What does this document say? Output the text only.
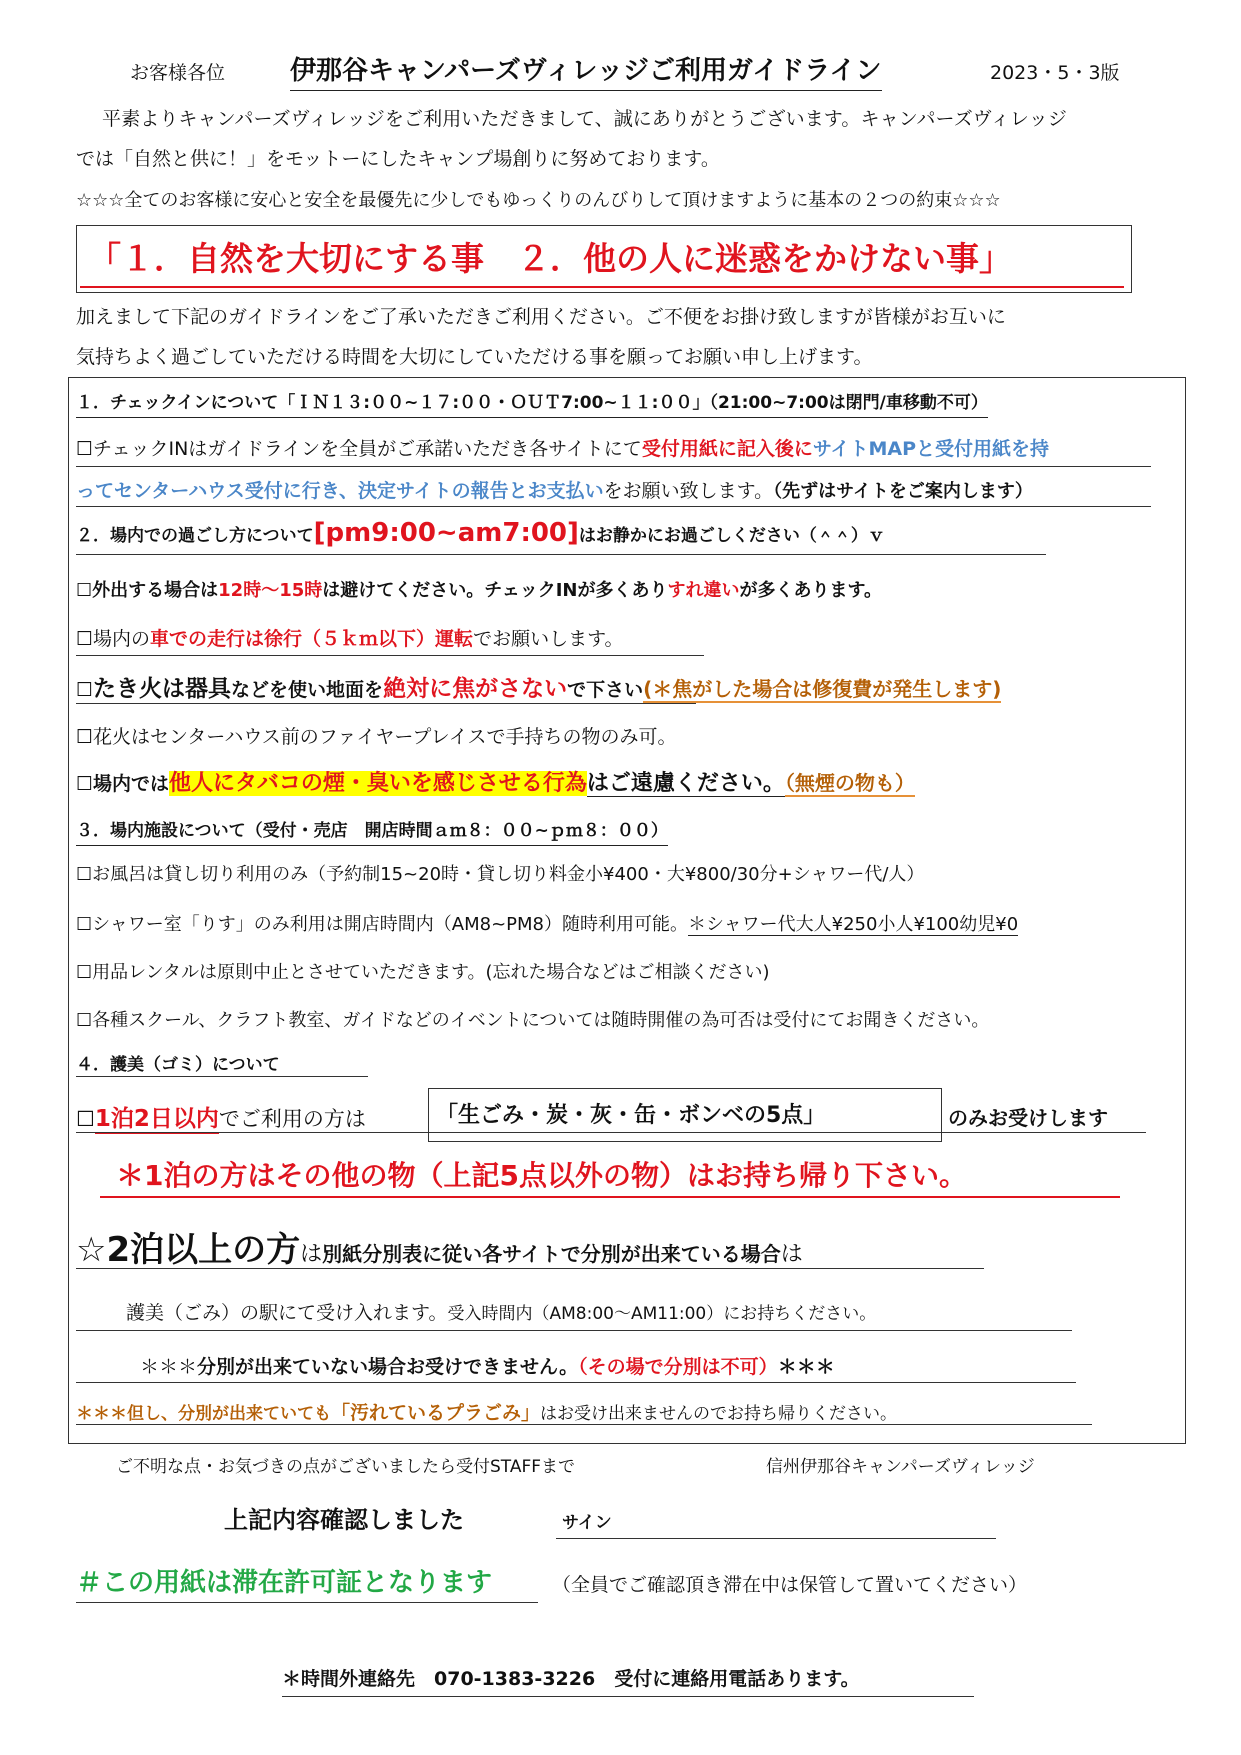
お客様各位 伊那谷キャンパーズヴィレッジご利用ガイドライン	2023・5・3版
平素よりキャンパーズヴィレッジをご利用いただきまして、誠にありがとうございます。キャンパーズヴィレッジ
では「自然と供に！」をモットーにしたキャンプ場創りに努めております。
☆☆☆全てのお客様に安心と安全を最優先に少しでもゆっくりのんびりして頂けますように基本の２つの約束☆☆☆
「１．自然を大切にする事　２．他の人に迷惑をかけない事」
加えまして下記のガイドラインをご了承いただきご利用ください。ご不便をお掛け致しますが皆様がお互いに
気持ちよく過ごしていただける時間を大切にしていただける事を願ってお願い申し上げます。
１．チェックインについて「ＩＮ１３:００~１７:００・ＯＵＴ7:00~１１:００」（21:00~7:00は閉門/車移動不可）
☐チェックINはガイドラインを全員がご承諾いただき各サイトにて受付用紙に記入後にサイトMAPと受付用紙を持
ってセンターハウス受付に行き、決定サイトの報告とお支払いをお願い致します。（先ずはサイトをご案内します）
２．場内での過ごし方について[pm9:00~am7:00]はお静かにお過ごしください（＾＾）ｖ
☐外出する場合は12時～15時は避けてください。チェックINが多くありすれ違いが多くあります。
☐場内の車での走行は徐行（５ｋｍ以下）運転でお願いします。
☐たき火は器具などを使い地面を絶対に焦がさないで下さい(＊焦がした場合は修復費が発生します)
☐花火はセンターハウス前のファイヤープレイスで手持ちの物のみ可。
☐場内では他人にタバコの煙・臭いを感じさせる行為はご遠慮ください。（無煙の物も）
３．場内施設について（受付・売店　開店時間ａｍ８：００~ｐｍ８：００）
☐お風呂は貸し切り利用のみ（予約制15~20時・貸し切り料金小¥400・大¥800/30分+シャワー代/人）
☐シャワー室「りす」のみ利用は開店時間内（AM8~PM8）随時利用可能。＊シャワー代大人¥250小人¥100幼児¥0
☐用品レンタルは原則中止とさせていただきます。(忘れた場合などはご相談ください)
☐各種スクール、クラフト教室、ガイドなどのイベントについては随時開催の為可否は受付にてお聞きください。
４．護美（ゴミ）について
☐1泊2日以内でご利用の方は	「生ごみ・炭・灰・缶・ボンベの5点」	のみお受けします
＊1泊の方はその他の物（上記5点以外の物）はお持ち帰り下さい。
☆2泊以上の方は別紙分別表に従い各サイトで分別が出来ている場合は
護美（ごみ）の駅にて受け入れます。受入時間内（AM8:00～AM11:00）にお持ちください。
＊＊＊分別が出来ていない場合お受けできません。（その場で分別は不可）＊＊＊
＊＊＊但し、分別が出来ていても「汚れているプラごみ」はお受け出来ませんのでお持ち帰りください。
ご不明な点・お気づきの点がございましたら受付STAFFまで	信州伊那谷キャンパーズヴィレッジ
上記内容確認しました	サイン
＃この用紙は滞在許可証となります	（全員でご確認頂き滞在中は保管して置いてください）
＊時間外連絡先　070-1383-3226　受付に連絡用電話あります。
